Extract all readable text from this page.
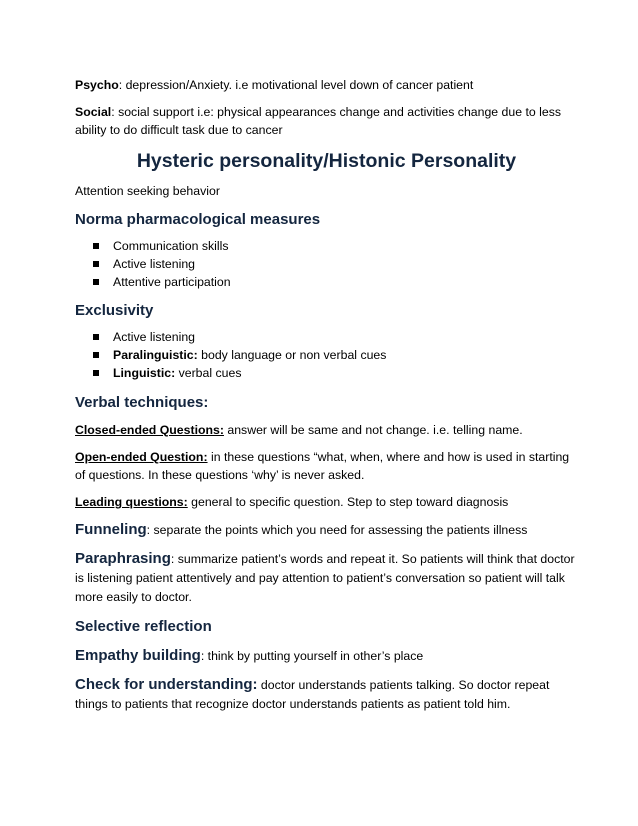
Psycho: depression/Anxiety. i.e motivational level down of cancer patient

Social: social support i.e: physical appearances change and activities change due to less ability to do difficult task due to cancer

Hysteric personality/Histonic Personality

Attention seeking behavior

Norma pharmacological measures
Communication skills
Active listening
Attentive participation
Exclusivity
Active listening
Paralinguistic: body language or non verbal cues
Linguistic: verbal cues
Verbal techniques:

Closed-ended Questions: answer will be same and not change. i.e. telling name.

Open-ended Question: in these questions “what, when, where and how is used in starting of questions. In these questions ‘why’ is never asked.

Leading questions: general to specific question. Step to step toward diagnosis

Funneling: separate the points which you need for assessing the patients illness

Paraphrasing: summarize patient’s words and repeat it. So patients will think that doctor is listening patient attentively and pay attention to patient’s conversation so patient will talk more easily to doctor.

Selective reflection

Empathy building: think by putting yourself in other’s place

Check for understanding: doctor understands patients talking. So doctor repeat things to patients that recognize doctor understands patients as patient told him.
